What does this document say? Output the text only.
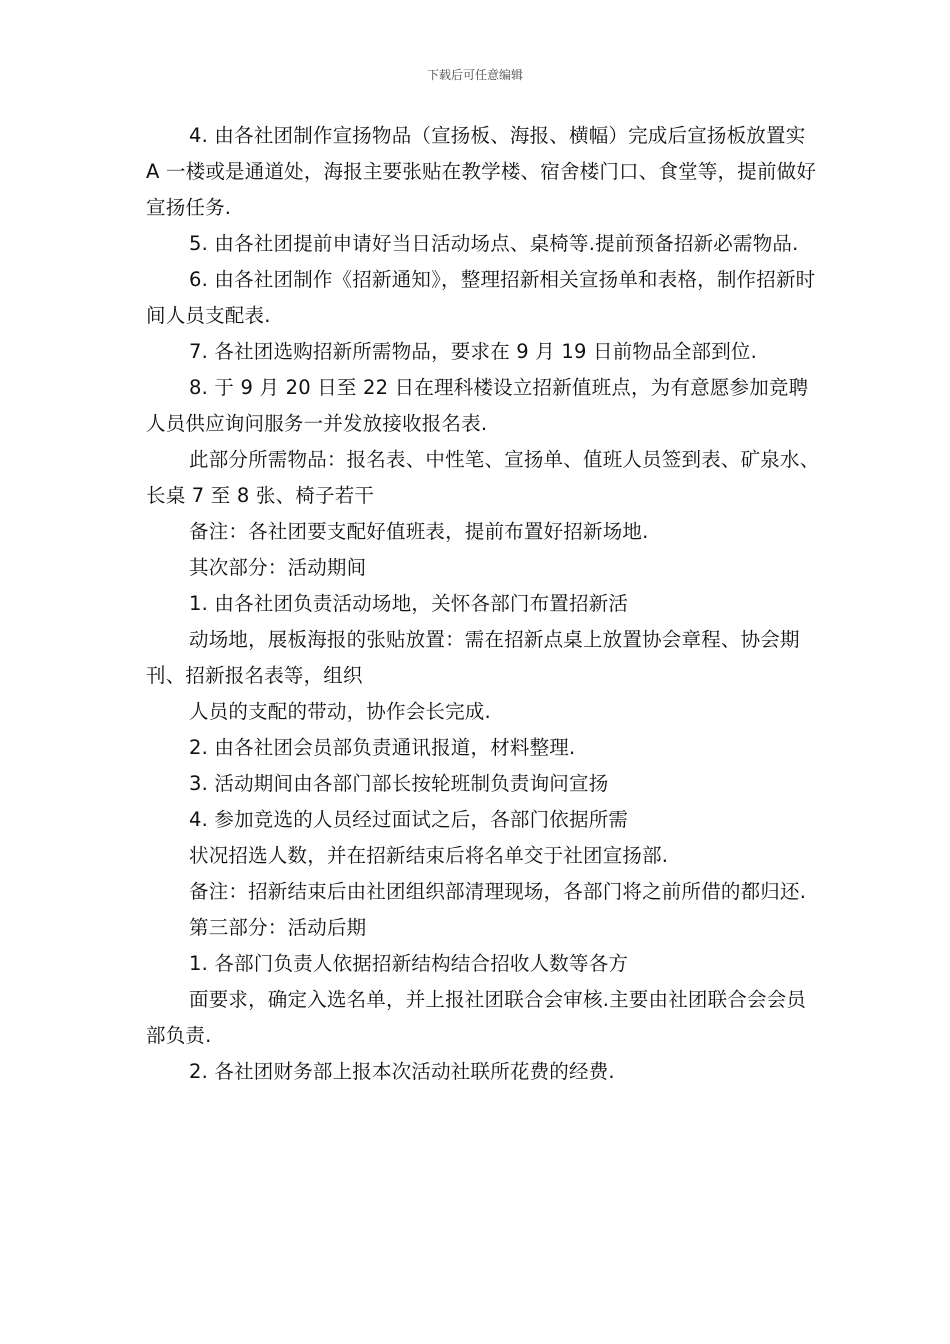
下载后可任意编辑

4. 由各社团制作宣扬物品（宣扬板、海报、横幅）完成后宣扬板放置实 A 一楼或是通道处，海报主要张贴在教学楼、宿舍楼门口、食堂等，提前做好宣扬任务.

5. 由各社团提前申请好当日活动场点、桌椅等.提前预备招新必需物品.

6. 由各社团制作《招新通知》，整理招新相关宣扬单和表格，制作招新时间人员支配表.

7. 各社团选购招新所需物品，要求在 9 月 19 日前物品全部到位.

8. 于 9 月 20 日至 22 日在理科楼设立招新值班点，为有意愿参加竞聘人员供应询问服务一并发放接收报名表.

此部分所需物品：报名表、中性笔、宣扬单、值班人员签到表、矿泉水、长桌 7 至 8 张、椅子若干

备注：各社团要支配好值班表，提前布置好招新场地.

其次部分：活动期间

1. 由各社团负责活动场地，关怀各部门布置招新活

动场地，展板海报的张贴放置：需在招新点桌上放置协会章程、协会期刊、招新报名表等，组织

人员的支配的带动，协作会长完成.

2. 由各社团会员部负责通讯报道，材料整理.

3. 活动期间由各部门部长按轮班制负责询问宣扬

4. 参加竞选的人员经过面试之后，各部门依据所需

状况招选人数，并在招新结束后将名单交于社团宣扬部.

备注：招新结束后由社团组织部清理现场，各部门将之前所借的都归还.

第三部分：活动后期

1. 各部门负责人依据招新结构结合招收人数等各方

面要求，确定入选名单，并上报社团联合会审核.主要由社团联合会会员部负责.

2. 各社团财务部上报本次活动社联所花费的经费.
